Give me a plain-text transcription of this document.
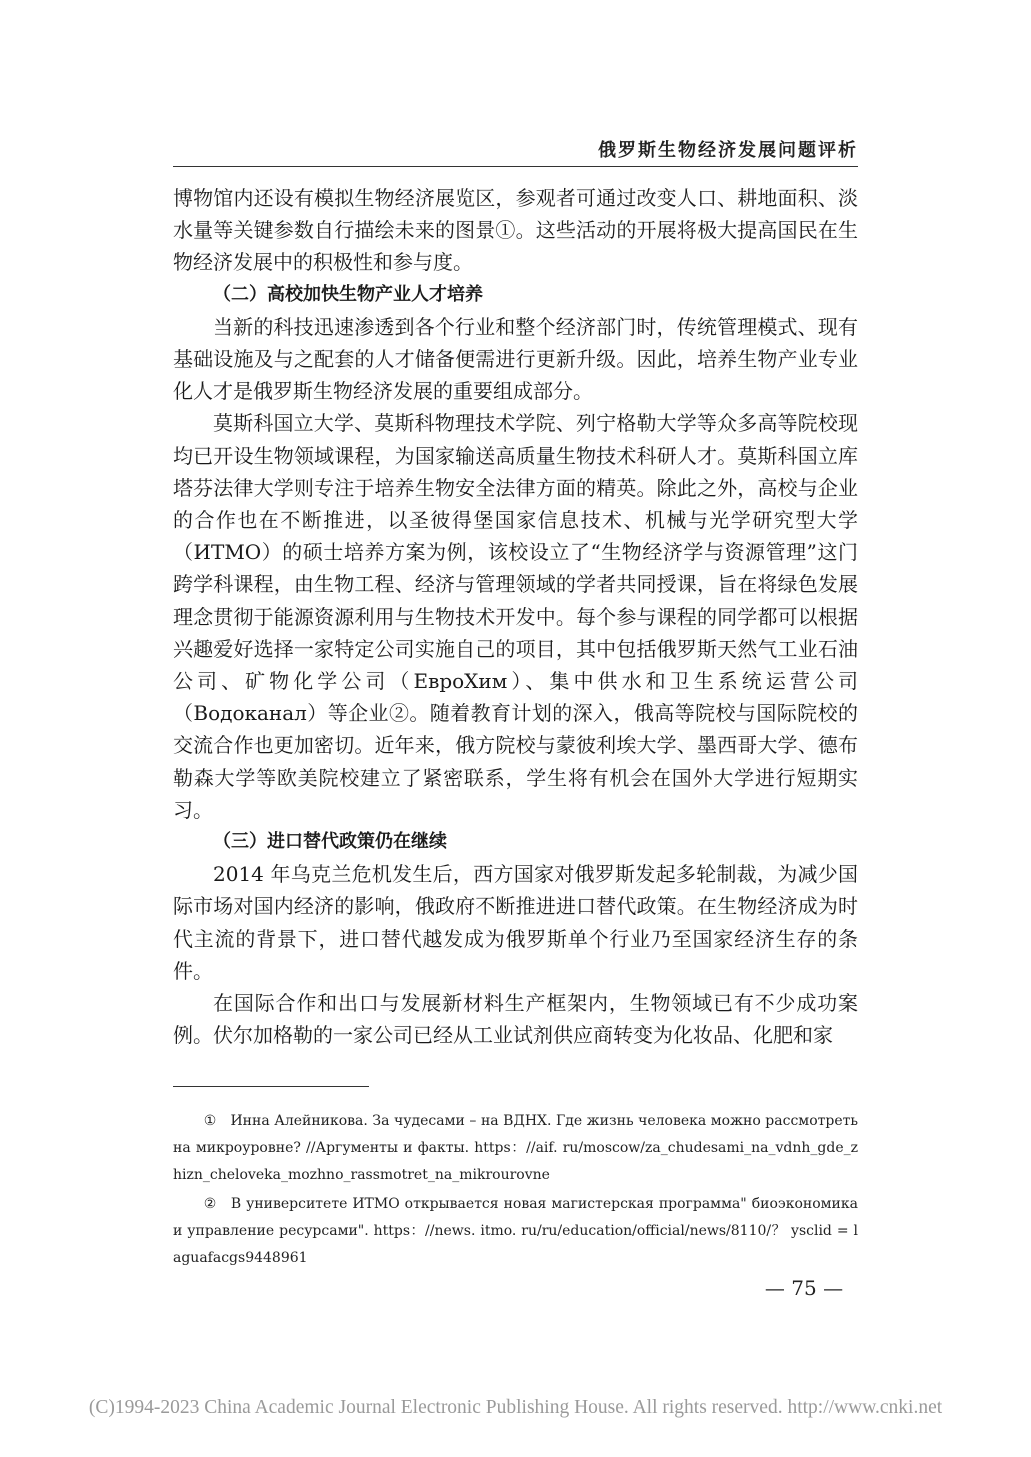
俄罗斯生物经济发展问题评析

博物馆内还设有模拟生物经济展览区，参观者可通过改变人口、耕地面积、淡水量等关键参数自行描绘未来的图景①。这些活动的开展将极大提高国民在生物经济发展中的积极性和参与度。

（二）高校加快生物产业人才培养

当新的科技迅速渗透到各个行业和整个经济部门时，传统管理模式、现有基础设施及与之配套的人才储备便需进行更新升级。因此，培养生物产业专业化人才是俄罗斯生物经济发展的重要组成部分。

莫斯科国立大学、莫斯科物理技术学院、列宁格勒大学等众多高等院校现均已开设生物领域课程，为国家输送高质量生物技术科研人才。莫斯科国立库塔芬法律大学则专注于培养生物安全法律方面的精英。除此之外，高校与企业的合作也在不断推进，以圣彼得堡国家信息技术、机械与光学研究型大学（ИТМО）的硕士培养方案为例，该校设立了“生物经济学与资源管理”这门跨学科课程，由生物工程、经济与管理领域的学者共同授课，旨在将绿色发展理念贯彻于能源资源利用与生物技术开发中。每个参与课程的同学都可以根据兴趣爱好选择一家特定公司实施自己的项目，其中包括俄罗斯天然气工业石油公司、矿物化学公司（ЕвроХим）、集中供水和卫生系统运营公司（Водоканал）等企业②。随着教育计划的深入，俄高等院校与国际院校的交流合作也更加密切。近年来，俄方院校与蒙彼利埃大学、墨西哥大学、德布勒森大学等欧美院校建立了紧密联系，学生将有机会在国外大学进行短期实习。

（三）进口替代政策仍在继续

2014 年乌克兰危机发生后，西方国家对俄罗斯发起多轮制裁，为减少国际市场对国内经济的影响，俄政府不断推进进口替代政策。在生物经济成为时代主流的背景下，进口替代越发成为俄罗斯单个行业乃至国家经济生存的条件。

在国际合作和出口与发展新材料生产框架内，生物领域已有不少成功案例。伏尔加格勒的一家公司已经从工业试剂供应商转变为化妆品、化肥和家

① Инна Алейникова. За чудесами – на ВДНХ. Где жизнь человека можно рассмотреть на микроуровне? //Аргументы и факты. https：//aif. ru/moscow/za_chudesami_na_vdnh_gde_zhizn_cheloveka_mozhno_rassmotret_na_mikrourovne

② В университете ИТМО открывается новая магистерская программа" биоэкономика и управление ресурсами". https：//news. itmo. ru/ru/education/official/news/8110/？ ysclid = laguafacgs9448961

— 75 —
(C)1994-2023 China Academic Journal Electronic Publishing House. All rights reserved. http://www.cnki.net
